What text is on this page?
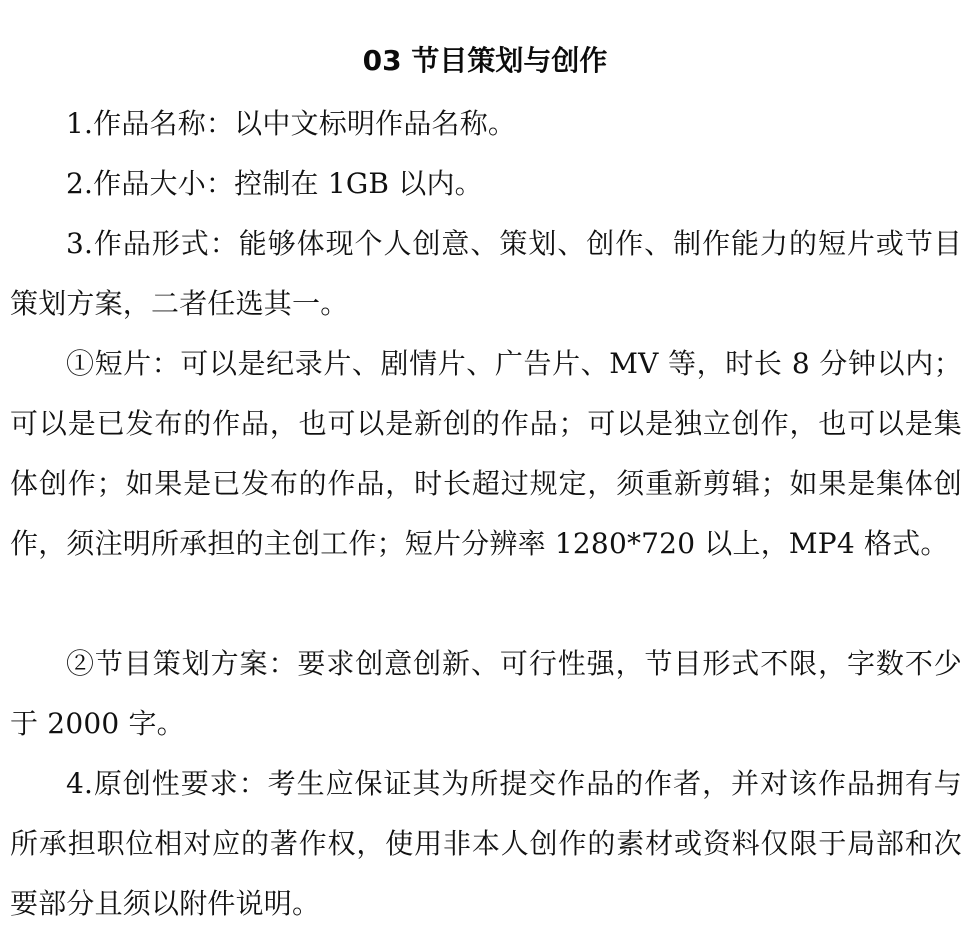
03 节目策划与创作
1.作品名称：以中文标明作品名称。
2.作品大小：控制在 1GB 以内。
3.作品形式：能够体现个人创意、策划、创作、制作能力的短片或节目策划方案，二者任选其一。
①短片：可以是纪录片、剧情片、广告片、MV 等，时长 8 分钟以内；可以是已发布的作品，也可以是新创的作品；可以是独立创作，也可以是集体创作；如果是已发布的作品，时长超过规定，须重新剪辑；如果是集体创作，须注明所承担的主创工作；短片分辨率 1280*720 以上，MP4 格式。
②节目策划方案：要求创意创新、可行性强，节目形式不限，字数不少于 2000 字。
4.原创性要求：考生应保证其为所提交作品的作者，并对该作品拥有与所承担职位相对应的著作权，使用非本人创作的素材或资料仅限于局部和次要部分且须以附件说明。
